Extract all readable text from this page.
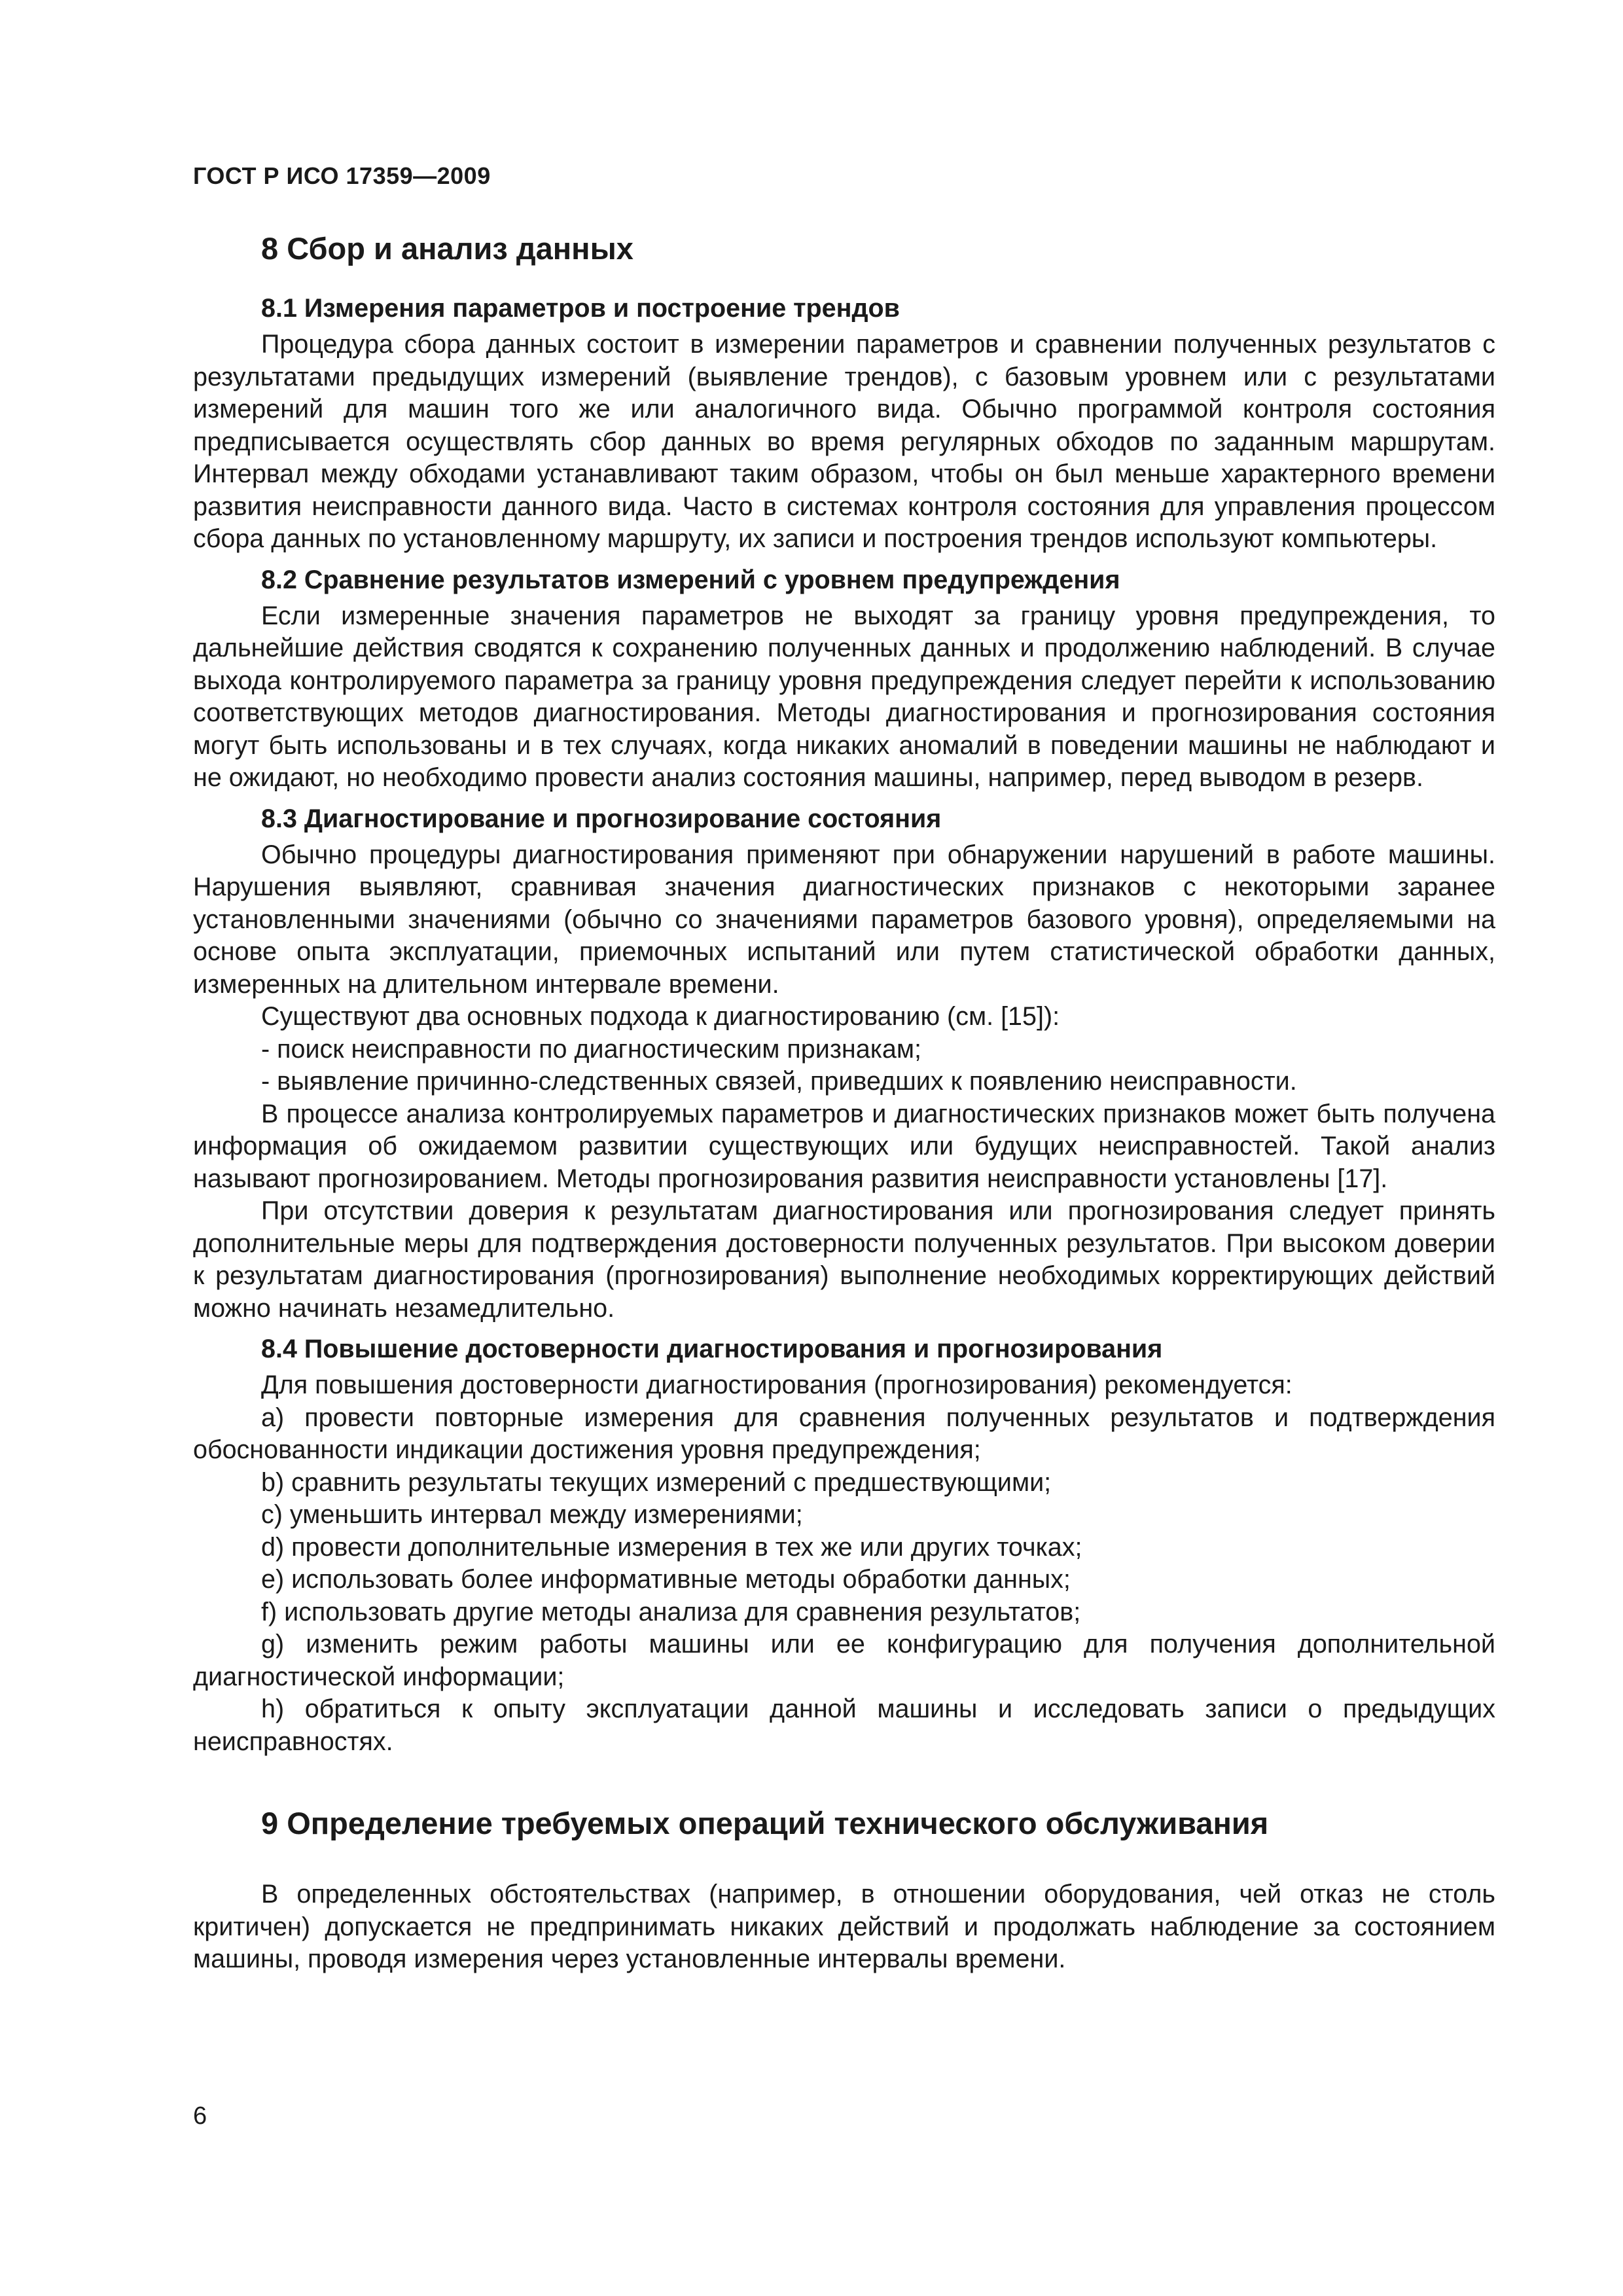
ГОСТ Р ИСО 17359—2009
8 Сбор и анализ данных
8.1 Измерения параметров и построение трендов

Процедура сбора данных состоит в измерении параметров и сравнении полученных результатов с результатами предыдущих измерений (выявление трендов), с базовым уровнем или с результатами измерений для машин того же или аналогичного вида. Обычно программой контроля состояния предписывается осуществлять сбор данных во время регулярных обходов по заданным маршрутам. Интервал между обходами устанавливают таким образом, чтобы он был меньше характерного времени развития неисправности данного вида. Часто в системах контроля состояния для управления процессом сбора данных по установленному маршруту, их записи и построения трендов используют компьютеры.

8.2 Сравнение результатов измерений с уровнем предупреждения

Если измеренные значения параметров не выходят за границу уровня предупреждения, то дальнейшие действия сводятся к сохранению полученных данных и продолжению наблюдений. В случае выхода контролируемого параметра за границу уровня предупреждения следует перейти к использованию соответствующих методов диагностирования. Методы диагностирования и прогнозирования состояния могут быть использованы и в тех случаях, когда никаких аномалий в поведении машины не наблюдают и не ожидают, но необходимо провести анализ состояния машины, например, перед выводом в резерв.

8.3 Диагностирование и прогнозирование состояния

Обычно процедуры диагностирования применяют при обнаружении нарушений в работе машины. Нарушения выявляют, сравнивая значения диагностических признаков с некоторыми заранее установленными значениями (обычно со значениями параметров базового уровня), определяемыми на основе опыта эксплуатации, приемочных испытаний или путем статистической обработки данных, измеренных на длительном интервале времени.

Существуют два основных подхода к диагностированию (см. [15]):

- поиск неисправности по диагностическим признакам;

- выявление причинно-следственных связей, приведших к появлению неисправности.

В процессе анализа контролируемых параметров и диагностических признаков может быть получена информация об ожидаемом развитии существующих или будущих неисправностей. Такой анализ называют прогнозированием. Методы прогнозирования развития неисправности установлены [17].

При отсутствии доверия к результатам диагностирования или прогнозирования следует принять дополнительные меры для подтверждения достоверности полученных результатов. При высоком доверии к результатам диагностирования (прогнозирования) выполнение необходимых корректирующих действий можно начинать незамедлительно.

8.4 Повышение достоверности диагностирования и прогнозирования

Для повышения достоверности диагностирования (прогнозирования) рекомендуется:

a) провести повторные измерения для сравнения полученных результатов и подтверждения обоснованности индикации достижения уровня предупреждения;

b) сравнить результаты текущих измерений с предшествующими;

c) уменьшить интервал между измерениями;

d) провести дополнительные измерения в тех же или других точках;

e) использовать более информативные методы обработки данных;

f) использовать другие методы анализа для сравнения результатов;

g) изменить режим работы машины или ее конфигурацию для получения дополнительной диагностической информации;

h) обратиться к опыту эксплуатации данной машины и исследовать записи о предыдущих неисправностях.

9 Определение требуемых операций технического обслуживания

В определенных обстоятельствах (например, в отношении оборудования, чей отказ не столь критичен) допускается не предпринимать никаких действий и продолжать наблюдение за состоянием машины, проводя измерения через установленные интервалы времени.

6
